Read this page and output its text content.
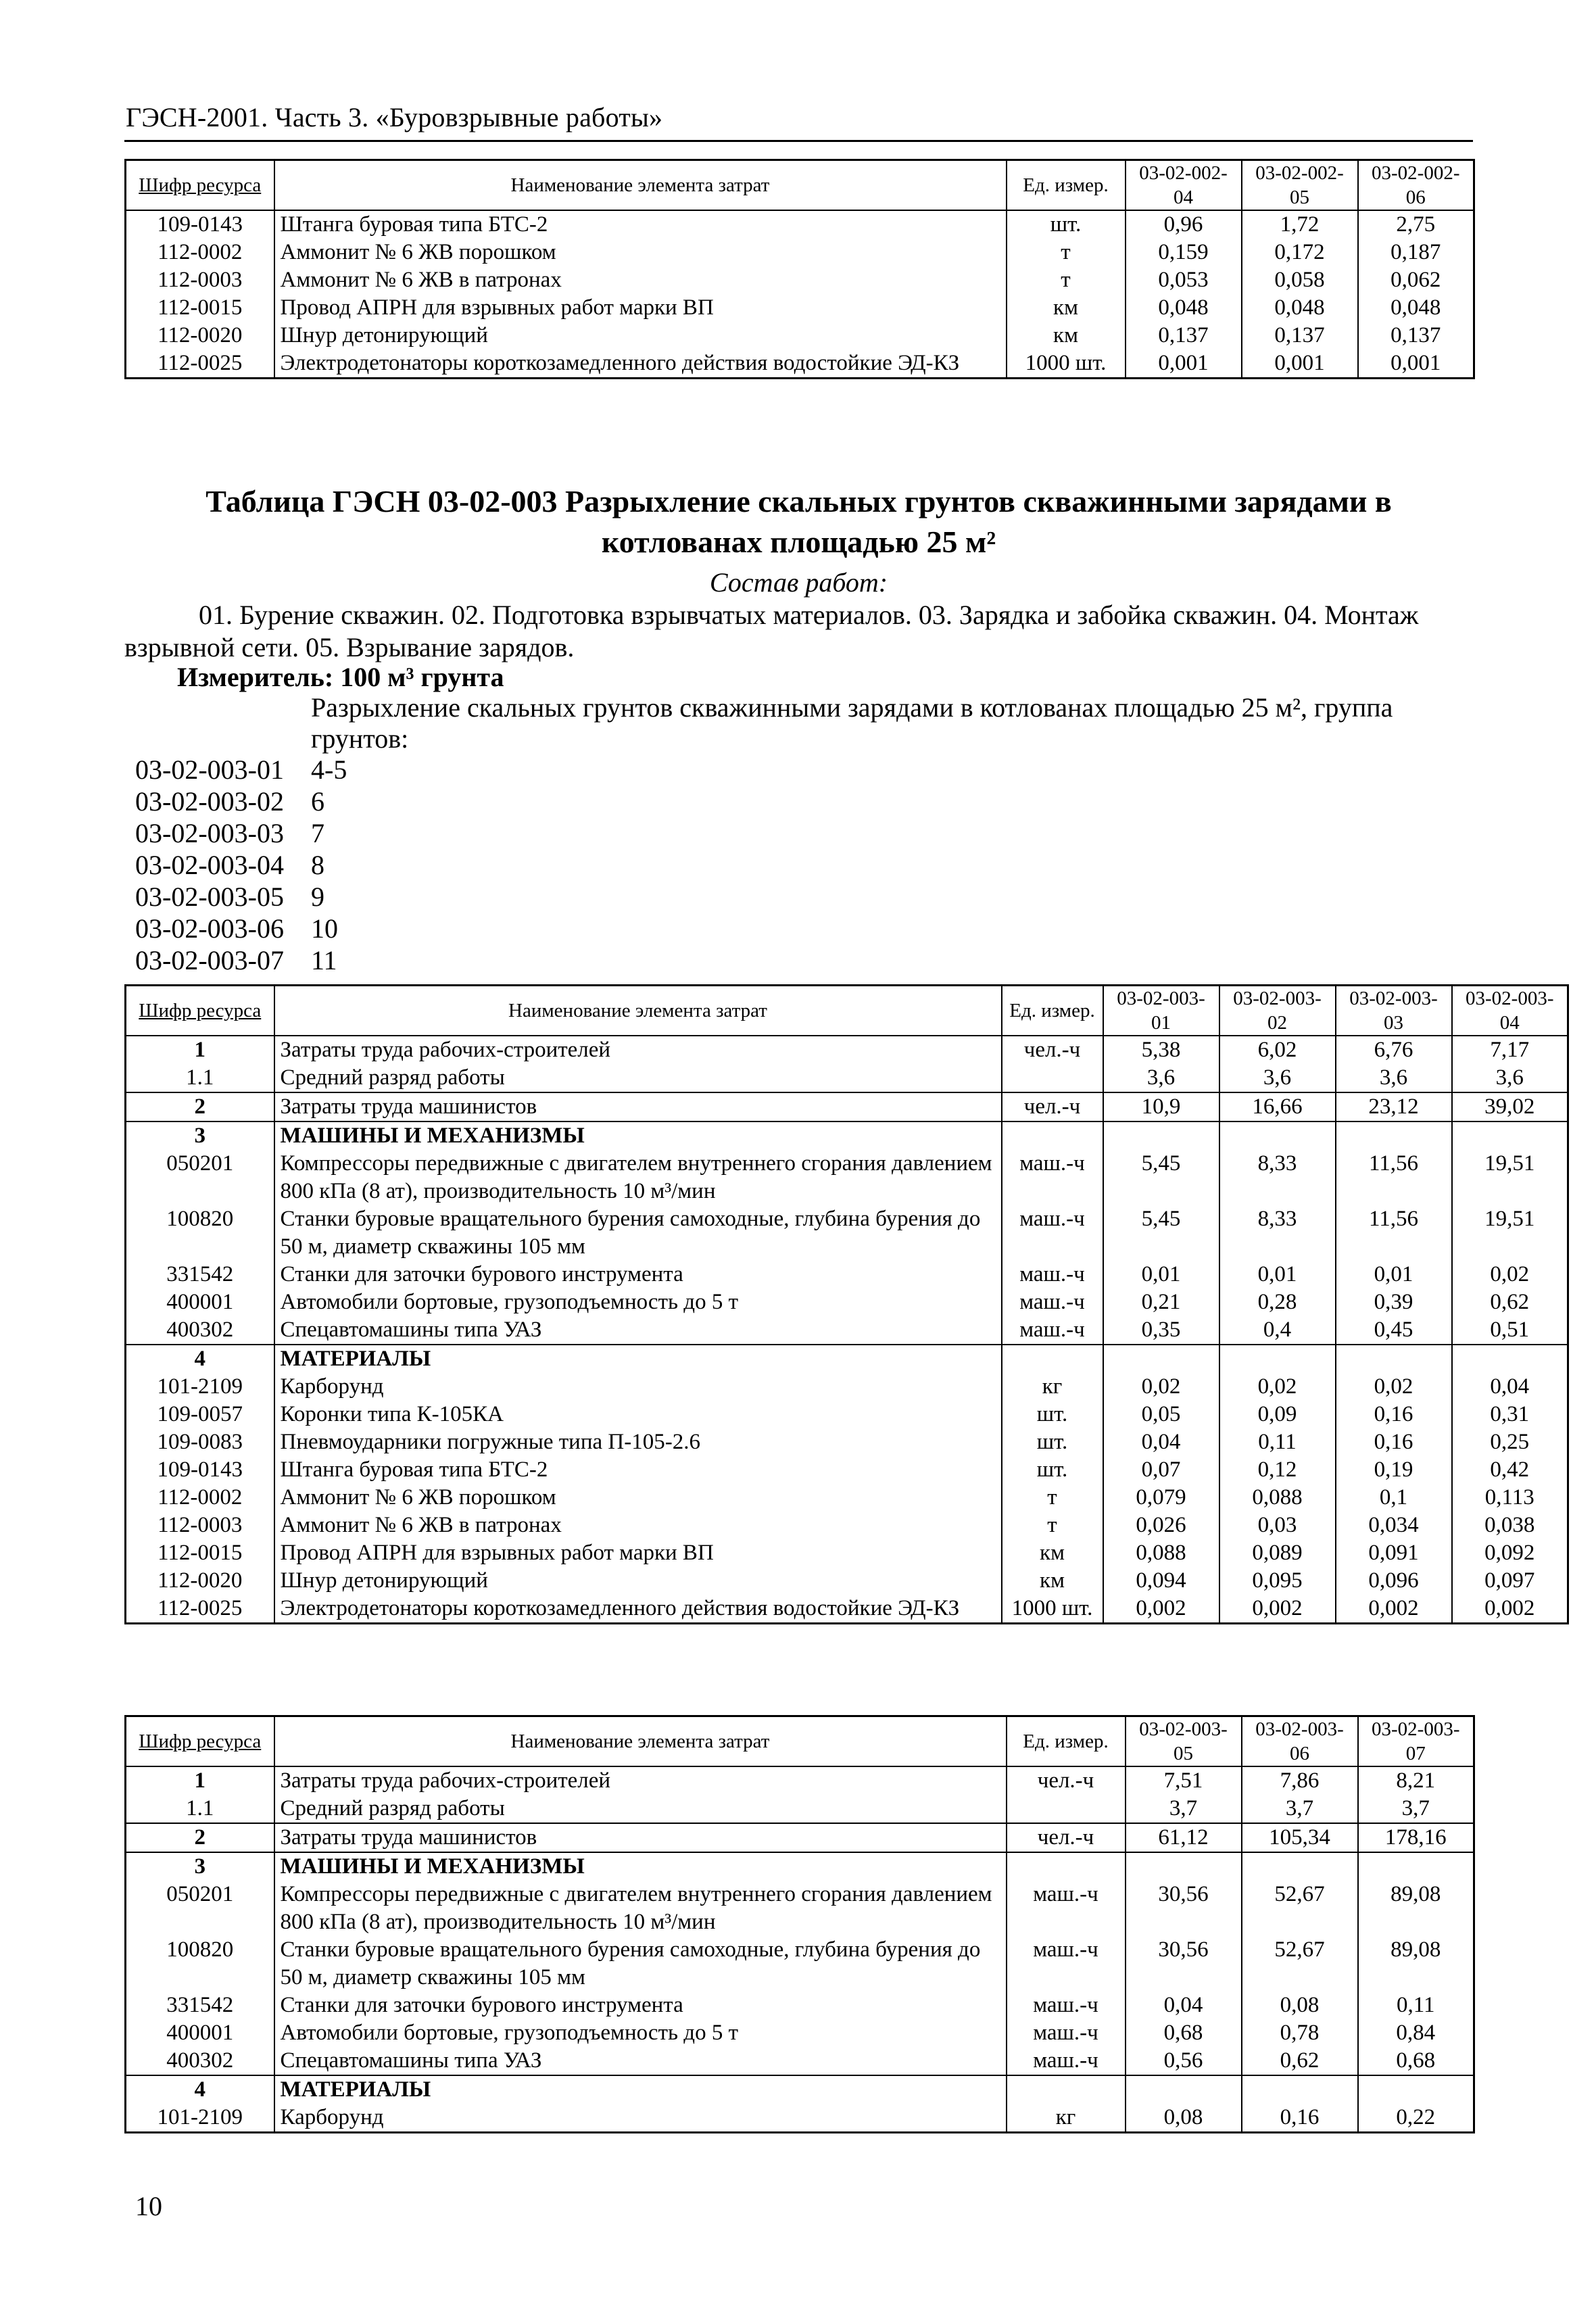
ГЭСН-2001. Часть 3. «Буровзрывные работы»
Шифр ресурса	Наименование элемента затрат	Ед. измер.	03-02-002-04	03-02-002-05	03-02-002-06
109-0143	Штанга буровая типа БТС-2	шт.	0,96	1,72	2,75
112-0002	Аммонит № 6 ЖВ порошком	т	0,159	0,172	0,187
112-0003	Аммонит № 6 ЖВ в патронах	т	0,053	0,058	0,062
112-0015	Провод АПРН для взрывных работ марки ВП	км	0,048	0,048	0,048
112-0020	Шнур детонирующий	км	0,137	0,137	0,137
112-0025	Электродетонаторы короткозамедленного действия водостойкие ЭД-КЗ	1000 шт.	0,001	0,001	0,001
Таблица ГЭСН 03-02-003 Разрыхление скальных грунтов скважинными зарядами в котлованах площадью 25 м²
Состав работ:
01. Бурение скважин. 02. Подготовка взрывчатых материалов. 03. Зарядка и забойка скважин. 04. Монтаж взрывной сети. 05. Взрывание зарядов.
Измеритель: 100 м³ грунта
Разрыхление скальных грунтов скважинными зарядами в котлованах площадью 25 м², группа грунтов:
03-02-003-01	4-5
03-02-003-02	6
03-02-003-03	7
03-02-003-04	8
03-02-003-05	9
03-02-003-06	10
03-02-003-07	11
Шифр ресурса	Наименование элемента затрат	Ед. измер.	03-02-003-01	03-02-003-02	03-02-003-03	03-02-003-04
1	Затраты труда рабочих-строителей	чел.-ч	5,38	6,02	6,76	7,17
1.1	Средний разряд работы		3,6	3,6	3,6	3,6
2	Затраты труда машинистов	чел.-ч	10,9	16,66	23,12	39,02
3	МАШИНЫ И МЕХАНИЗМЫ					
050201	Компрессоры передвижные с двигателем внутреннего сгорания давлением 800 кПа (8 ат), производительность 10 м³/мин	маш.-ч	5,45	8,33	11,56	19,51
100820	Станки буровые вращательного бурения самоходные, глубина бурения до 50 м, диаметр скважины 105 мм	маш.-ч	5,45	8,33	11,56	19,51
331542	Станки для заточки бурового инструмента	маш.-ч	0,01	0,01	0,01	0,02
400001	Автомобили бортовые, грузоподъемность до 5 т	маш.-ч	0,21	0,28	0,39	0,62
400302	Спецавтомашины типа УАЗ	маш.-ч	0,35	0,4	0,45	0,51
4	МАТЕРИАЛЫ					
101-2109	Карборунд	кг	0,02	0,02	0,02	0,04
109-0057	Коронки типа К-105КА	шт.	0,05	0,09	0,16	0,31
109-0083	Пневмоударники погружные типа П-105-2.6	шт.	0,04	0,11	0,16	0,25
109-0143	Штанга буровая типа БТС-2	шт.	0,07	0,12	0,19	0,42
112-0002	Аммонит № 6 ЖВ порошком	т	0,079	0,088	0,1	0,113
112-0003	Аммонит № 6 ЖВ в патронах	т	0,026	0,03	0,034	0,038
112-0015	Провод АПРН для взрывных работ марки ВП	км	0,088	0,089	0,091	0,092
112-0020	Шнур детонирующий	км	0,094	0,095	0,096	0,097
112-0025	Электродетонаторы короткозамедленного действия водостойкие ЭД-КЗ	1000 шт.	0,002	0,002	0,002	0,002
Шифр ресурса	Наименование элемента затрат	Ед. измер.	03-02-003-05	03-02-003-06	03-02-003-07
1	Затраты труда рабочих-строителей	чел.-ч	7,51	7,86	8,21
1.1	Средний разряд работы		3,7	3,7	3,7
2	Затраты труда машинистов	чел.-ч	61,12	105,34	178,16
3	МАШИНЫ И МЕХАНИЗМЫ				
050201	Компрессоры передвижные с двигателем внутреннего сгорания давлением 800 кПа (8 ат), производительность 10 м³/мин	маш.-ч	30,56	52,67	89,08
100820	Станки буровые вращательного бурения самоходные, глубина бурения до 50 м, диаметр скважины 105 мм	маш.-ч	30,56	52,67	89,08
331542	Станки для заточки бурового инструмента	маш.-ч	0,04	0,08	0,11
400001	Автомобили бортовые, грузоподъемность до 5 т	маш.-ч	0,68	0,78	0,84
400302	Спецавтомашины типа УАЗ	маш.-ч	0,56	0,62	0,68
4	МАТЕРИАЛЫ				
101-2109	Карборунд	кг	0,08	0,16	0,22
10
